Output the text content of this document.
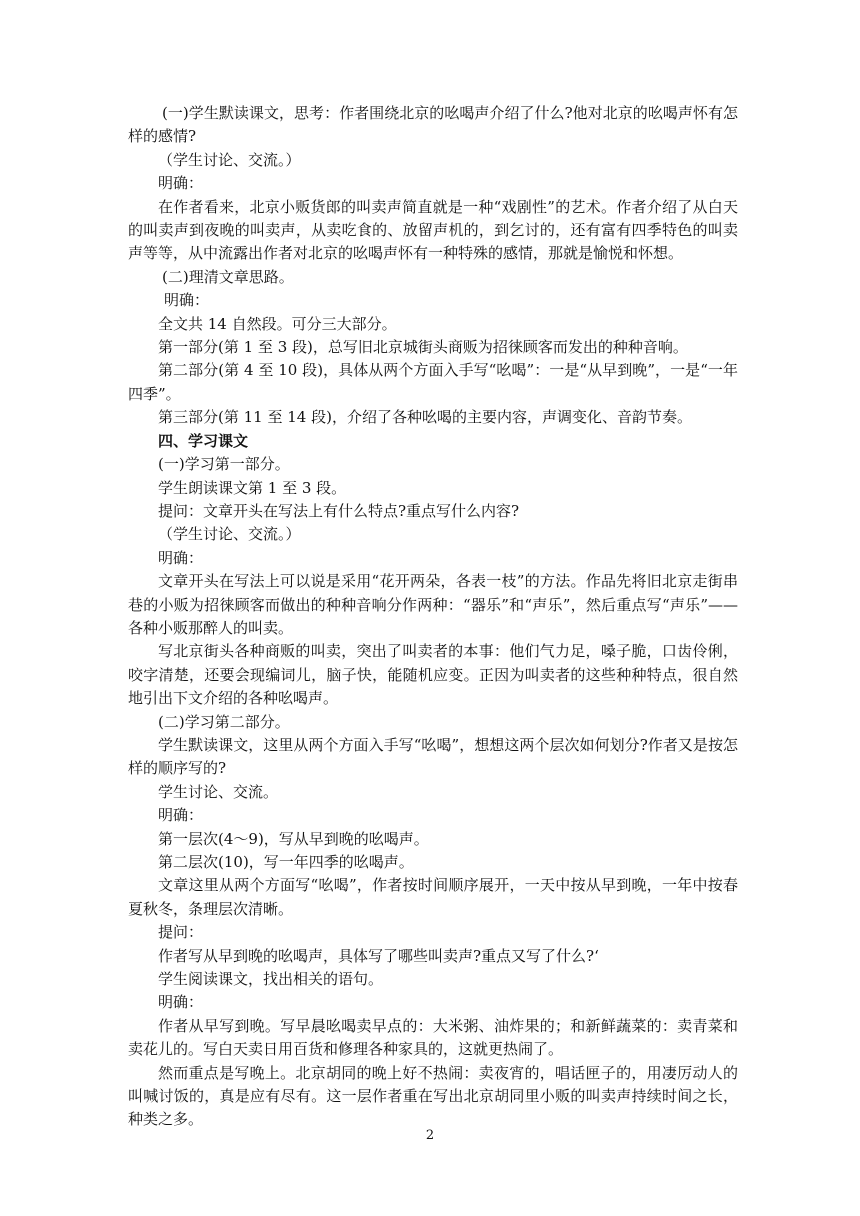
(一)学生默读课文，思考：作者围绕北京的吆喝声介绍了什么?他对北京的吆喝声怀有怎样的感情?

（学生讨论、交流。）

明确：

在作者看来，北京小贩货郎的叫卖声简直就是一种“戏剧性”的艺术。作者介绍了从白天的叫卖声到夜晚的叫卖声，从卖吃食的、放留声机的，到乞讨的，还有富有四季特色的叫卖声等等，从中流露出作者对北京的吆喝声怀有一种特殊的感情，那就是愉悦和怀想。

(二)理清文章思路。

明确：

全文共 14 自然段。可分三大部分。

第一部分(第 1 至 3 段)，总写旧北京城街头商贩为招徕顾客而发出的种种音响。

第二部分(第 4 至 10 段)，具体从两个方面入手写“吆喝”：一是“从早到晚”，一是“一年四季”。

第三部分(第 11 至 14 段)，介绍了各种吆喝的主要内容，声调变化、音韵节奏。

四、学习课文

(一)学习第一部分。

学生朗读课文第 1 至 3 段。

提问：文章开头在写法上有什么特点?重点写什么内容?

（学生讨论、交流。）

明确：

文章开头在写法上可以说是采用“花开两朵，各表一枝”的方法。作品先将旧北京走街串巷的小贩为招徕顾客而做出的种种音响分作两种：“器乐”和“声乐”，然后重点写“声乐”——各种小贩那醉人的叫卖。

写北京街头各种商贩的叫卖，突出了叫卖者的本事：他们气力足，嗓子脆，口齿伶俐，咬字清楚，还要会现编词儿，脑子快，能随机应变。正因为叫卖者的这些种种特点，很自然地引出下文介绍的各种吆喝声。

(二)学习第二部分。

学生默读课文，这里从两个方面入手写“吆喝”，想想这两个层次如何划分?作者又是按怎样的顺序写的?

学生讨论、交流。

明确：

第一层次(4～9)，写从早到晚的吆喝声。

第二层次(10)，写一年四季的吆喝声。

文章这里从两个方面写“吆喝”，作者按时间顺序展开，一天中按从早到晚，一年中按春夏秋冬，条理层次清晰。

提问：

作者写从早到晚的吆喝声，具体写了哪些叫卖声?重点又写了什么?‘

学生阅读课文，找出相关的语句。

明确：

作者从早写到晚。写早晨吆喝卖早点的：大米粥、油炸果的；和新鲜蔬菜的：卖青菜和卖花儿的。写白天卖日用百货和修理各种家具的，这就更热闹了。

然而重点是写晚上。北京胡同的晚上好不热闹：卖夜宵的，唱话匣子的，用凄厉动人的叫喊讨饭的，真是应有尽有。这一层作者重在写出北京胡同里小贩的叫卖声持续时间之长，种类之多。

2
